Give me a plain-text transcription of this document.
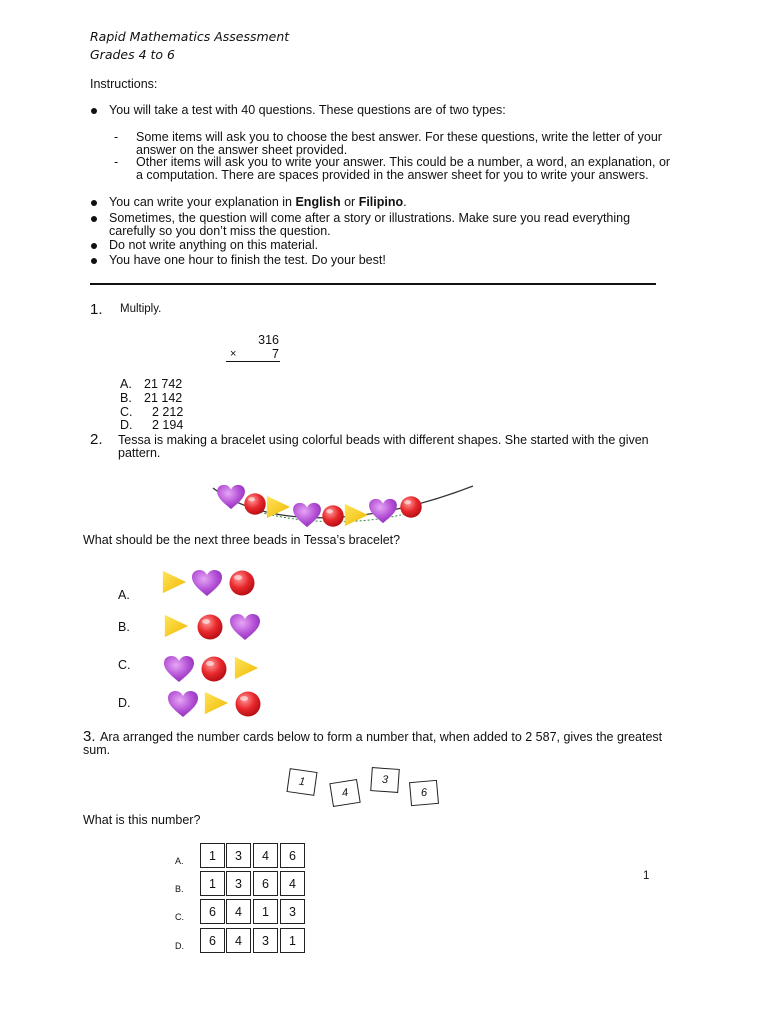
Rapid Mathematics Assessment
Grades 4 to 6
Instructions:
You will take a test with 40 questions. These questions are of two types:
- Some items will ask you to choose the best answer. For these questions, write the letter of your
answer on the answer sheet provided.
- Other items will ask you to write your answer. This could be a number, a word, an explanation, or
a computation. There are spaces provided in the answer sheet for you to write your answers.
You can write your explanation in English or Filipino.
Sometimes, the question will come after a story or illustrations. Make sure you read everything
carefully so you don’t miss the question.
Do not write anything on this material.
You have one hour to finish the test. Do your best!
1. Multiply.
316
×	7
A. 21 742
B. 21 142
C. 2 212
D. 2 194
2. Tessa is making a bracelet using colorful beads with different shapes. She started with the given
pattern.
What should be the next three beads in Tessa’s bracelet?
A.
B.
C.
D.
3. Ara arranged the number cards below to form a number that, when added to 2 587, gives the greatest
sum.
1
4
3
6
What is this number?
A.	1	3	4	6
B.	1	3	6	4
C.	6	4	1	3
D.	6	4	3	1
1
